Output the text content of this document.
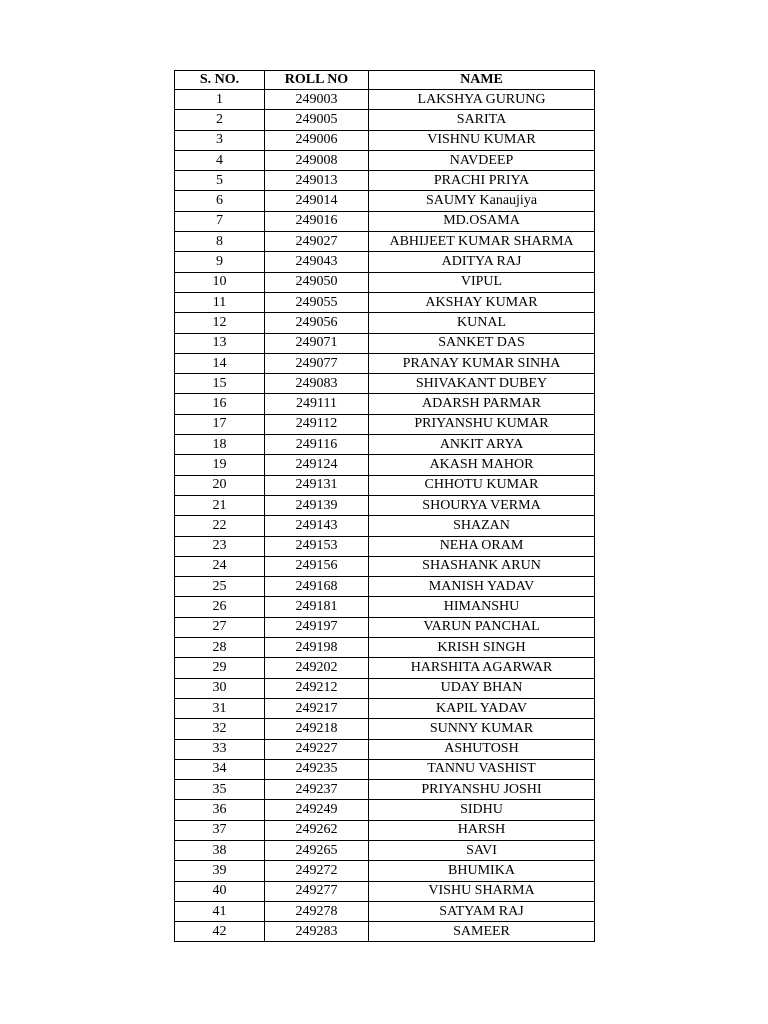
S. NO.	ROLL NO	NAME
1	249003	LAKSHYA GURUNG
2	249005	SARITA
3	249006	VISHNU KUMAR
4	249008	NAVDEEP
5	249013	PRACHI PRIYA
6	249014	SAUMY Kanaujiya
7	249016	MD.OSAMA
8	249027	ABHIJEET KUMAR SHARMA
9	249043	ADITYA RAJ
10	249050	VIPUL
11	249055	AKSHAY KUMAR
12	249056	KUNAL
13	249071	SANKET DAS
14	249077	PRANAY KUMAR SINHA
15	249083	SHIVAKANT DUBEY
16	249111	ADARSH PARMAR
17	249112	PRIYANSHU KUMAR
18	249116	ANKIT ARYA
19	249124	AKASH MAHOR
20	249131	CHHOTU KUMAR
21	249139	SHOURYA VERMA
22	249143	SHAZAN
23	249153	NEHA ORAM
24	249156	SHASHANK ARUN
25	249168	MANISH YADAV
26	249181	HIMANSHU
27	249197	VARUN PANCHAL
28	249198	KRISH SINGH
29	249202	HARSHITA AGARWAR
30	249212	UDAY BHAN
31	249217	KAPIL YADAV
32	249218	SUNNY KUMAR
33	249227	ASHUTOSH
34	249235	TANNU VASHIST
35	249237	PRIYANSHU JOSHI
36	249249	SIDHU
37	249262	HARSH
38	249265	SAVI
39	249272	BHUMIKA
40	249277	VISHU SHARMA
41	249278	SATYAM RAJ
42	249283	SAMEER
